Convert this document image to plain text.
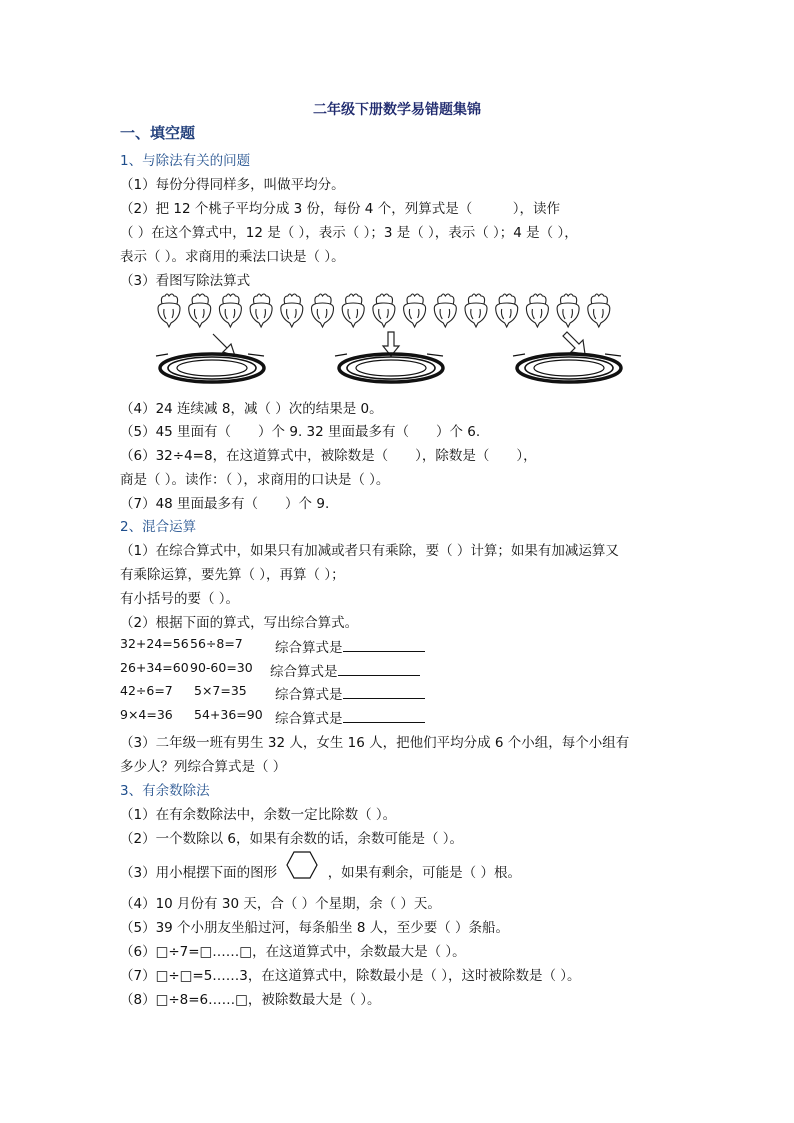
二年级下册数学易错题集锦
一、填空题
1、与除法有关的问题
（1）每份分得同样多，叫做平均分。
（2）把 12 个桃子平均分成 3 份，每份 4 个，列算式是（　　　），读作
（ ）在这个算式中，12 是（ ），表示（ ）；3 是（ ），表示（ ）；4 是（ ），
表示（ ）。求商用的乘法口诀是（ ）。
（3）看图写除法算式
（4）24 连续减 8，减（ ）次的结果是 0。
（5）45 里面有（　　）个 9. 32 里面最多有（　　）个 6.
（6）32÷4=8，在这道算式中，被除数是（　　），除数是（　　），
商是（ ）。读作：（ ），求商用的口诀是（ ）。
（7）48 里面最多有（　　）个 9.
2、混合运算
（1）在综合算式中，如果只有加减或者只有乘除，要（ ）计算；如果有加减运算又
有乘除运算，要先算（ ），再算（ ）；
有小括号的要（ ）。
（2）根据下面的算式，写出综合算式。
32+24=56 56÷8=7 综合算式是
26+34=60 90-60=30 综合算式是
42÷6=7 5×7=35 综合算式是
9×4=36 54+36=90 综合算式是
（3）二年级一班有男生 32 人，女生 16 人，把他们平均分成 6 个小组，每个小组有
多少人？列综合算式是（ ）
3、有余数除法
（1）在有余数除法中，余数一定比除数（ ）。
（2）一个数除以 6，如果有余数的话，余数可能是（ ）。
（3）用小棍摆下面的图形	，如果有剩余，可能是（ ）根。
（4）10 月份有 30 天，合（ ）个星期，余（ ）天。
（5）39 个小朋友坐船过河，每条船坐 8 人，至少要（ ）条船。
（6）□÷7=□……□，在这道算式中，余数最大是（ ）。
（7）□÷□=5……3，在这道算式中，除数最小是（ ），这时被除数是（ ）。
（8）□÷8=6……□，被除数最大是（ ）。
